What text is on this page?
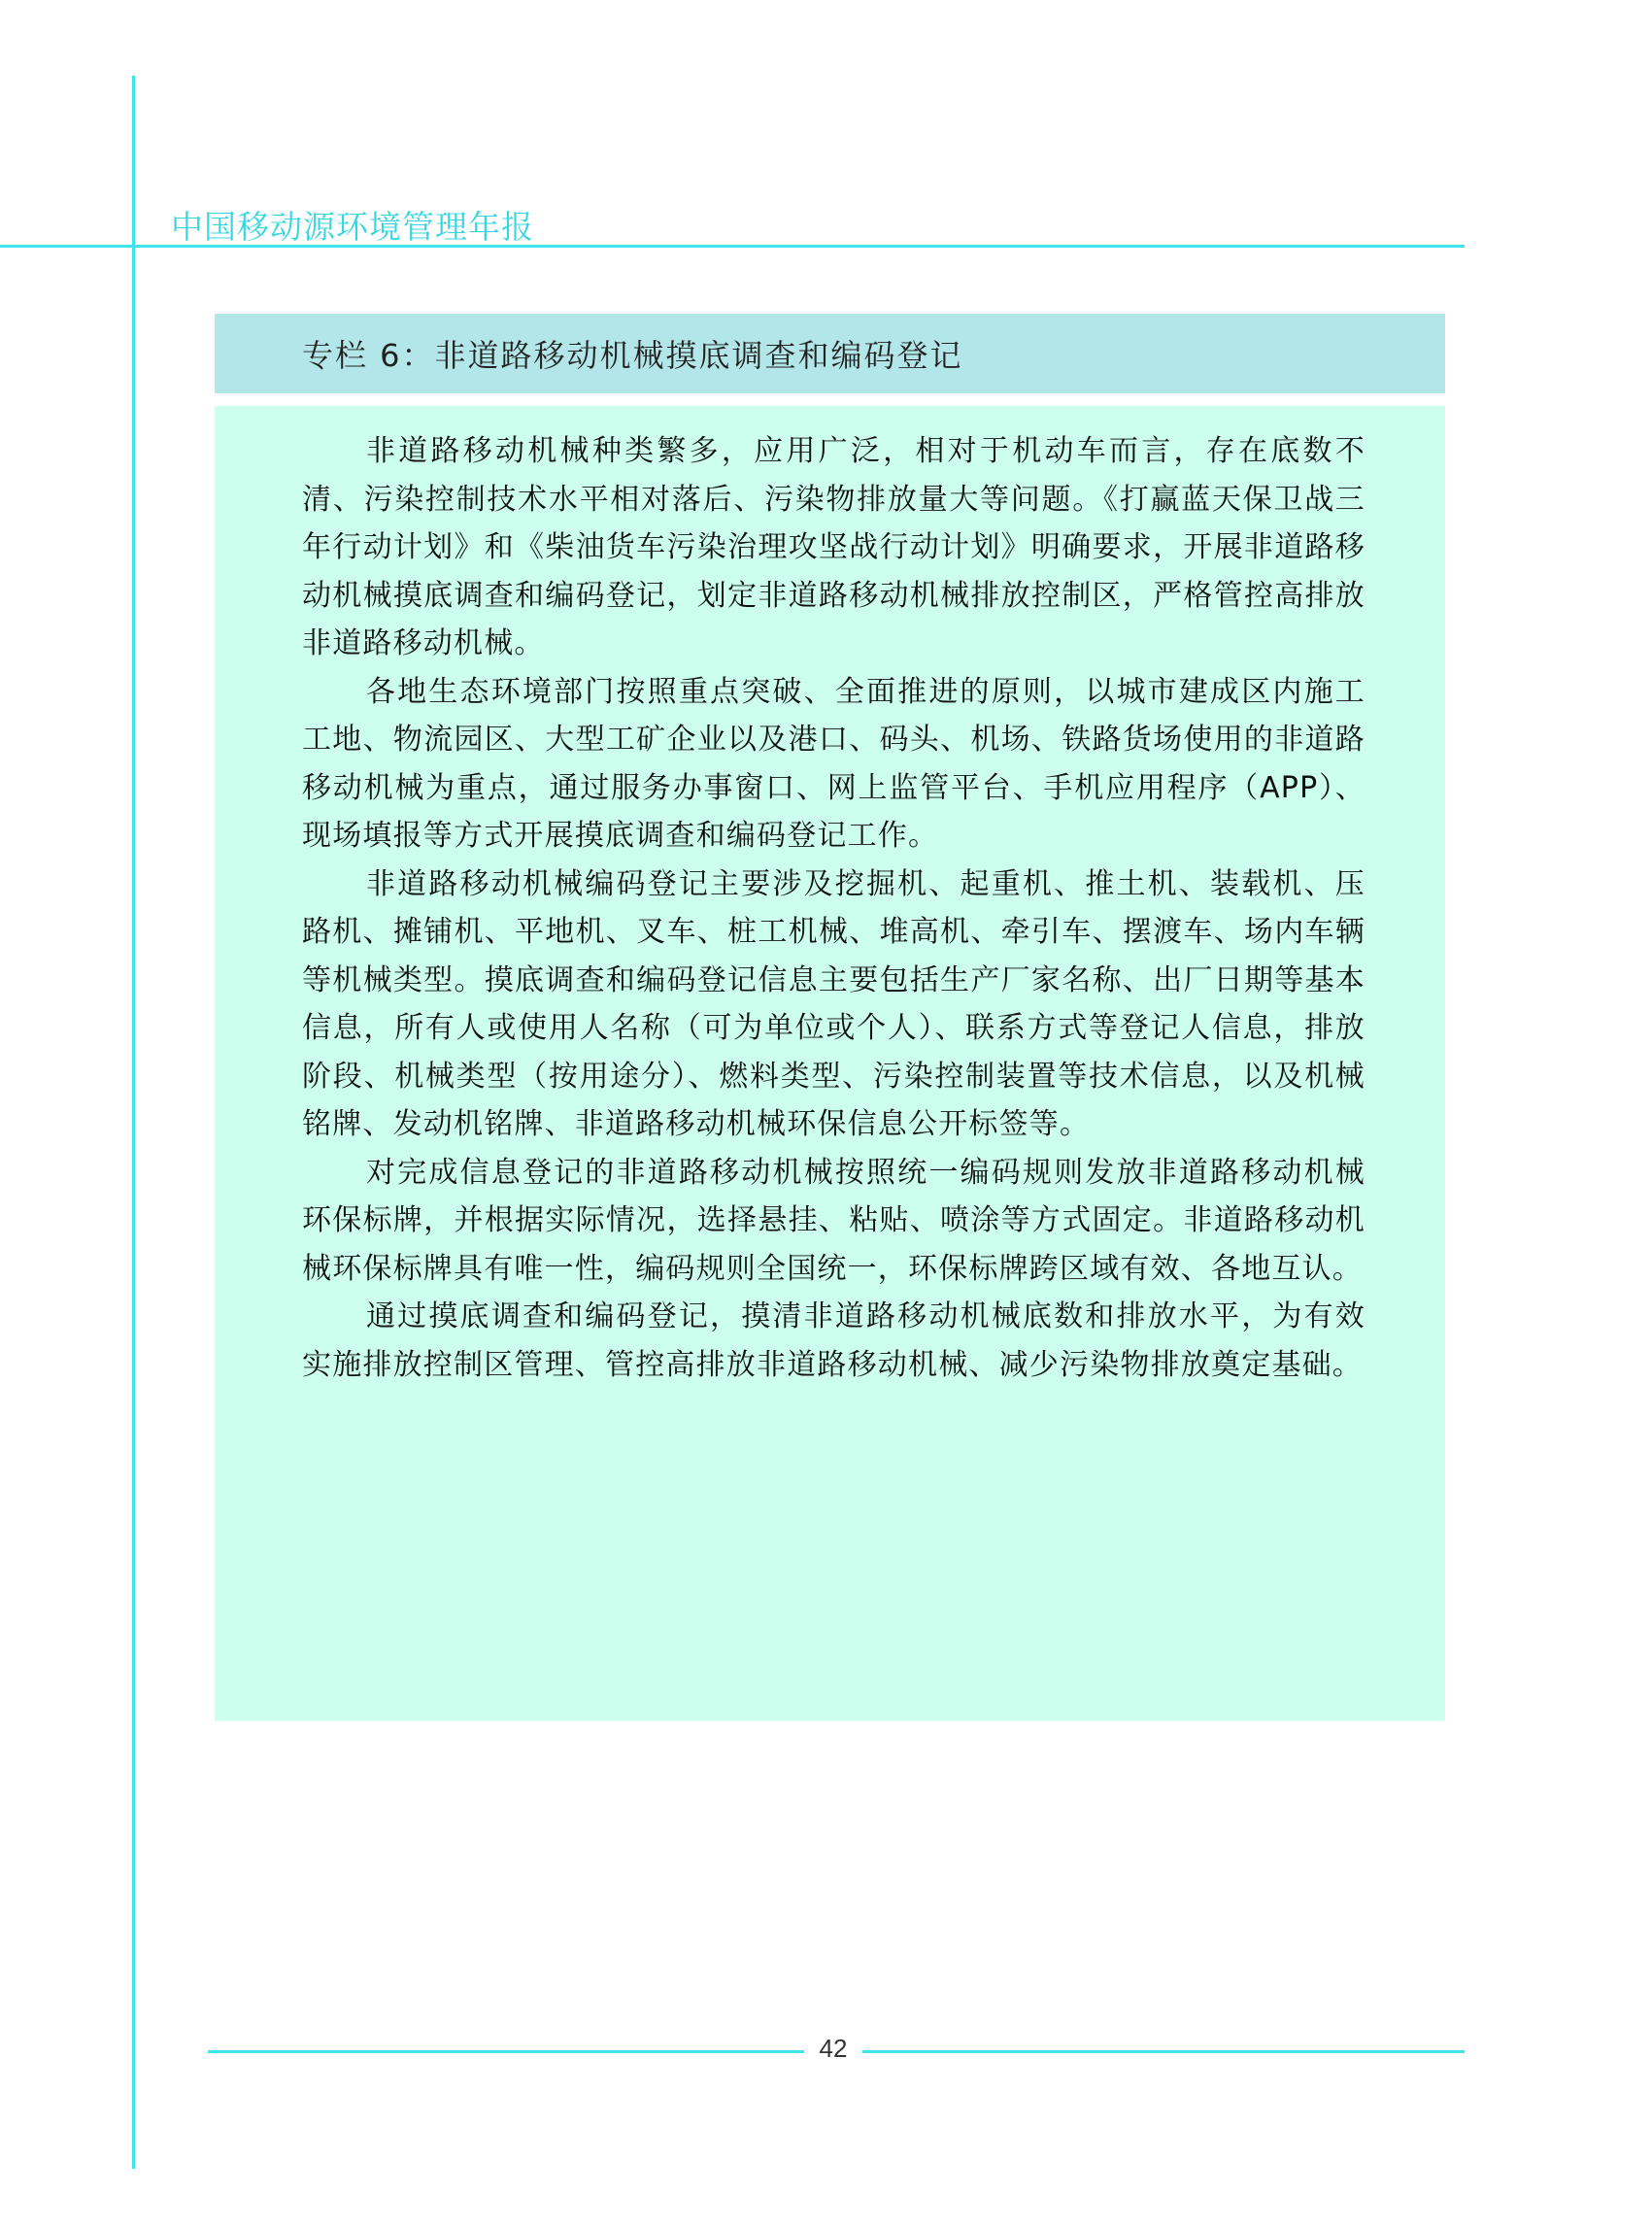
中国移动源环境管理年报
专栏 6：非道路移动机械摸底调查和编码登记

非道路移动机械种类繁多，应用广泛，相对于机动车而言，存在底数不清、污染控制技术水平相对落后、污染物排放量大等问题。《打赢蓝天保卫战三年行动计划》和《柴油货车污染治理攻坚战行动计划》明确要求，开展非道路移动机械摸底调查和编码登记，划定非道路移动机械排放控制区，严格管控高排放非道路移动机械。

各地生态环境部门按照重点突破、全面推进的原则，以城市建成区内施工工地、物流园区、大型工矿企业以及港口、码头、机场、铁路货场使用的非道路移动机械为重点，通过服务办事窗口、网上监管平台、手机应用程序（APP）、现场填报等方式开展摸底调查和编码登记工作。

非道路移动机械编码登记主要涉及挖掘机、起重机、推土机、装载机、压路机、摊铺机、平地机、叉车、桩工机械、堆高机、牵引车、摆渡车、场内车辆等机械类型。摸底调查和编码登记信息主要包括生产厂家名称、出厂日期等基本信息，所有人或使用人名称（可为单位或个人）、联系方式等登记人信息，排放阶段、机械类型（按用途分）、燃料类型、污染控制装置等技术信息，以及机械铭牌、发动机铭牌、非道路移动机械环保信息公开标签等。

对完成信息登记的非道路移动机械按照统一编码规则发放非道路移动机械环保标牌，并根据实际情况，选择悬挂、粘贴、喷涂等方式固定。非道路移动机械环保标牌具有唯一性，编码规则全国统一，环保标牌跨区域有效、各地互认。

通过摸底调查和编码登记，摸清非道路移动机械底数和排放水平，为有效实施排放控制区管理、管控高排放非道路移动机械、减少污染物排放奠定基础。

42
